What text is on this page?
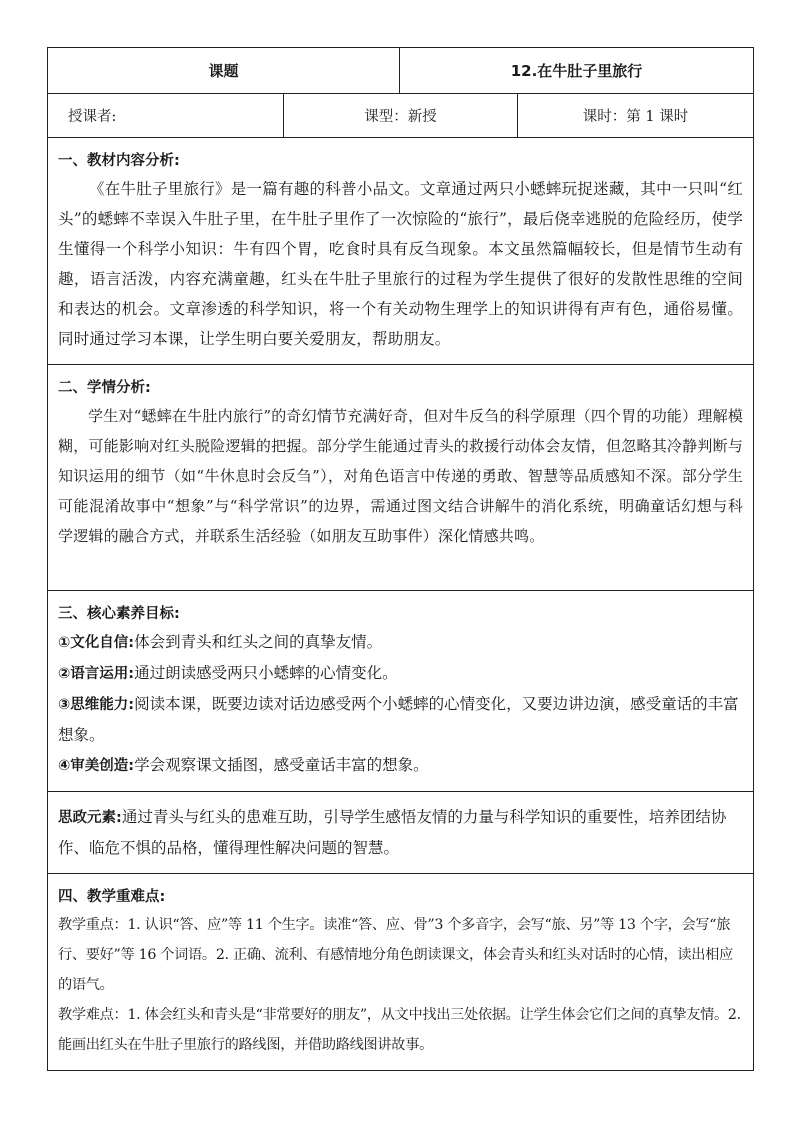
课题		12.在牛肚子里旅行	
授课者:	课型：新授		课时：第 1 课时

一、教材内容分析:

《在牛肚子里旅行》是一篇有趣的科普小品文。文章通过两只小蟋蟀玩捉迷藏，其中一只叫“红头”的蟋蟀不幸误入牛肚子里，在牛肚子里作了一次惊险的“旅行”，最后侥幸逃脱的危险经历，使学生懂得一个科学小知识：牛有四个胃，吃食时具有反刍现象。本文虽然篇幅较长，但是情节生动有趣，语言活泼，内容充满童趣，红头在牛肚子里旅行的过程为学生提供了很好的发散性思维的空间和表达的机会。文章渗透的科学知识，将一个有关动物生理学上的知识讲得有声有色，通俗易懂。同时通过学习本课，让学生明白要关爱朋友，帮助朋友。			

二、学情分析:

学生对“蟋蟀在牛肚内旅行”的奇幻情节充满好奇，但对牛反刍的科学原理（四个胃的功能）理解模糊，可能影响对红头脱险逻辑的把握。部分学生能通过青头的救援行动体会友情，但忽略其冷静判断与知识运用的细节（如“牛休息时会反刍”），对角色语言中传递的勇敢、智慧等品质感知不深。部分学生可能混淆故事中“想象”与“科学常识”的边界，需通过图文结合讲解牛的消化系统，明确童话幻想与科学逻辑的融合方式，并联系生活经验（如朋友互助事件）深化情感共鸣。			

三、核心素养目标:

①文化自信:体会到青头和红头之间的真挚友情。

②语言运用:通过朗读感受两只小蟋蟀的心情变化。

③思维能力:阅读本课，既要边读对话边感受两个小蟋蟀的心情变化，又要边讲边演，感受童话的丰富想象。

④审美创造:学会观察课文插图，感受童话丰富的想象。			

思政元素:通过青头与红头的患难互助，引导学生感悟友情的力量与科学知识的重要性，培养团结协作、临危不惧的品格，懂得理性解决问题的智慧。			

四、教学重难点:

教学重点：1. 认识“答、应”等 11 个生字。读准“答、应、骨”3 个多音字，会写“旅、另”等 13 个字，会写“旅行、要好”等 16 个词语。2. 正确、流利、有感情地分角色朗读课文，体会青头和红头对话时的心情，读出相应的语气。

教学难点：1. 体会红头和青头是“非常要好的朋友”，从文中找出三处依据。让学生体会它们之间的真挚友情。2. 能画出红头在牛肚子里旅行的路线图，并借助路线图讲故事。			
